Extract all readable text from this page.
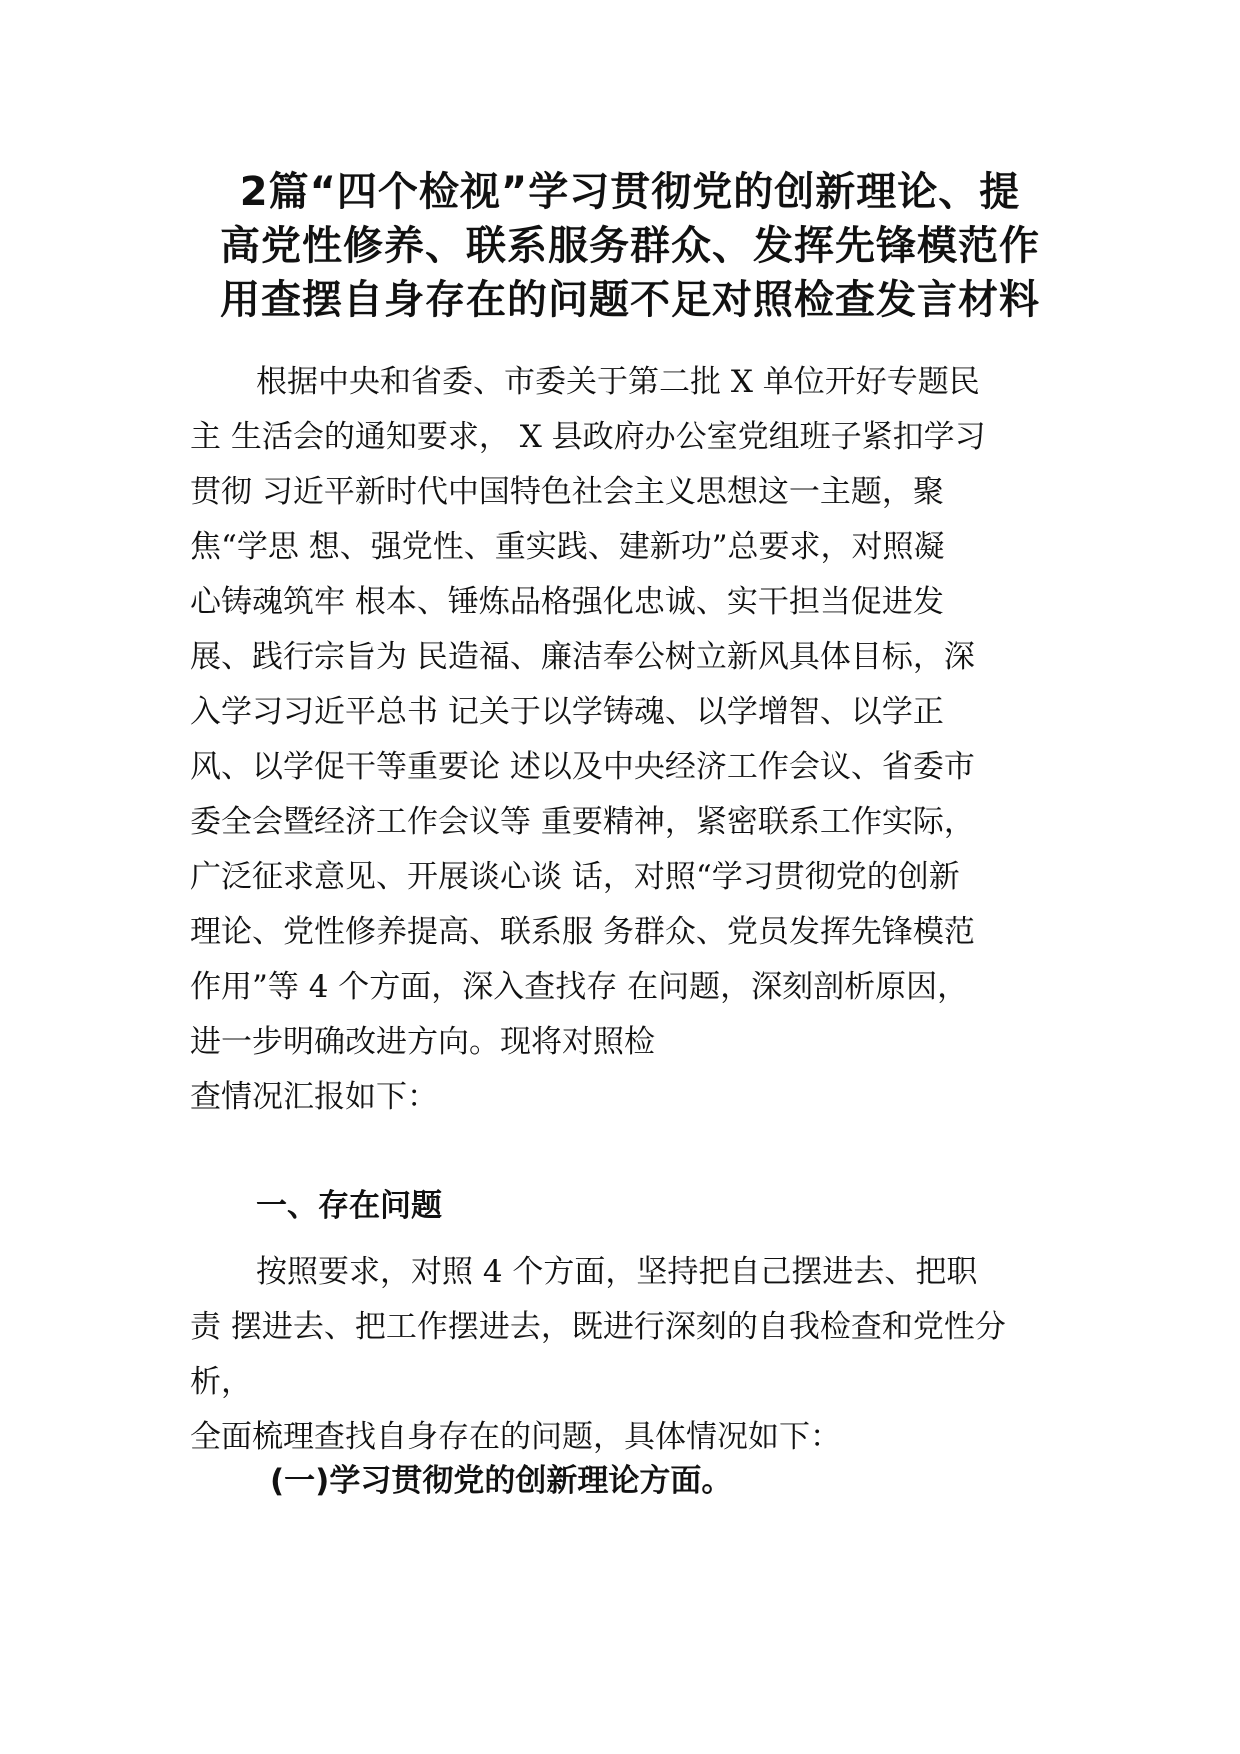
2篇“四个检视”学习贯彻党的创新理论、提
高党性修养、联系服务群众、发挥先锋模范作
用查摆自身存在的问题不足对照检查发言材料
根据中央和省委、市委关于第二批 X 单位开好专题民
主 生活会的通知要求， X 县政府办公室党组班子紧扣学习
贯彻 习近平新时代中国特色社会主义思想这一主题，聚
焦“学思 想、强党性、重实践、建新功”总要求，对照凝
心铸魂筑牢 根本、锤炼品格强化忠诚、实干担当促进发
展、践行宗旨为 民造福、廉洁奉公树立新风具体目标，深
入学习习近平总书 记关于以学铸魂、以学增智、以学正
风、以学促干等重要论 述以及中央经济工作会议、省委市
委全会暨经济工作会议等 重要精神，紧密联系工作实际，
广泛征求意见、开展谈心谈 话，对照“学习贯彻党的创新
理论、党性修养提高、联系服 务群众、党员发挥先锋模范
作用”等 4 个方面，深入查找存 在问题，深刻剖析原因，
进一步明确改进方向。现将对照检
查情况汇报如下：
一、存在问题
按照要求，对照 4 个方面，坚持把自己摆进去、把职
责 摆进去、把工作摆进去，既进行深刻的自我检查和党性分
析，
全面梳理查找自身存在的问题，具体情况如下：
(一)学习贯彻党的创新理论方面。
